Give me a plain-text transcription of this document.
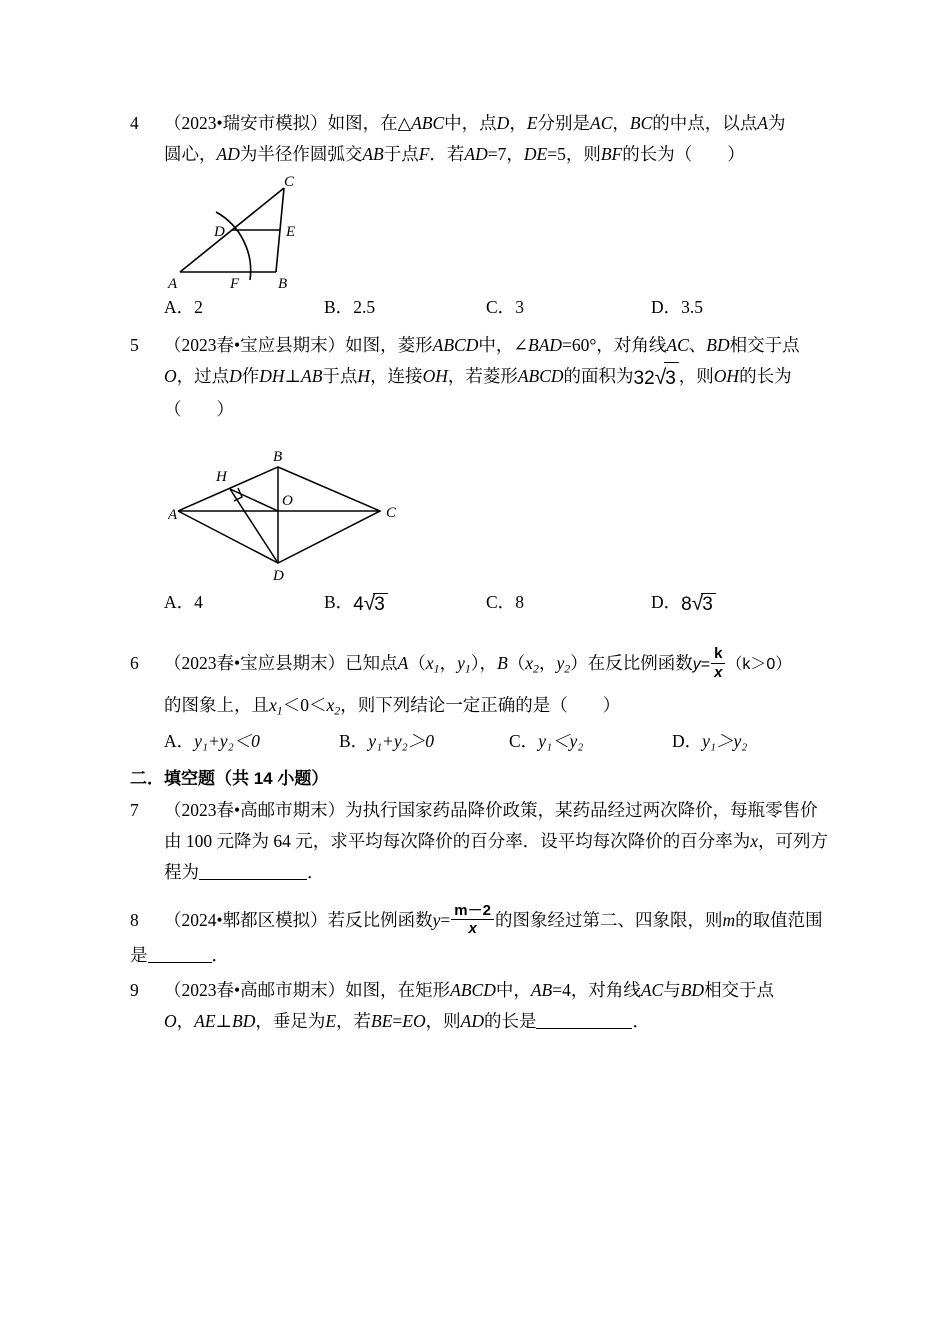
4 （2023•瑞安市模拟）如图，在△ABC中，点D，E分别是AC，BC的中点，以点A为
圆心，AD为半径作圆弧交AB于点F．若AD=7，DE=5，则BF的长为（　　）
A	B
C
D	E
F
A．2	B．2.5	C．3	D．3.5
5 （2023春•宝应县期末）如图，菱形ABCD中，∠BAD=60°，对角线AC、BD相交于点
O，过点D作DH⊥AB于点H，连接OH，若菱形ABCD的面积为32√3 ，则OH的长为
（　　）
A
B
C
D
O
H
A．4	B．4√3	C．8	D．8√3
6 （2023春•宝应县期末）已知点$A(x_1$，$y_1$），$B(x_2$，$y_2$）在反比例函数$y= \frac{k}{x} (k>0)$
的图象上，且$x_1<0<x_2$，则下列结论一定正确的是（　　）
A．y₁+y₂＜0	B．y₁+y₂＞0	C．y₁＜y₂	D．y₁＞y₂
二．填空题（共 14 小题）
7 （2023春•高邮市期末）为执行国家药品降价政策，某药品经过两次降价，每瓶零售价
由 100 元降为 64 元，求平均每次降价的百分率．设平均每次降价的百分率为x，可列方
程为	．
8 （2024•郫都区模拟）若反比例函数$y= \frac{m-2}{x}$ 的图象经过第二、四象限，则m的取值范围
是	．
9 （2023春•高邮市期末）如图，在矩形ABCD中，AB=4，对角线AC与BD相交于点
O，AE⊥BD，垂足为E，若BE=EO，则AD的长是	．
